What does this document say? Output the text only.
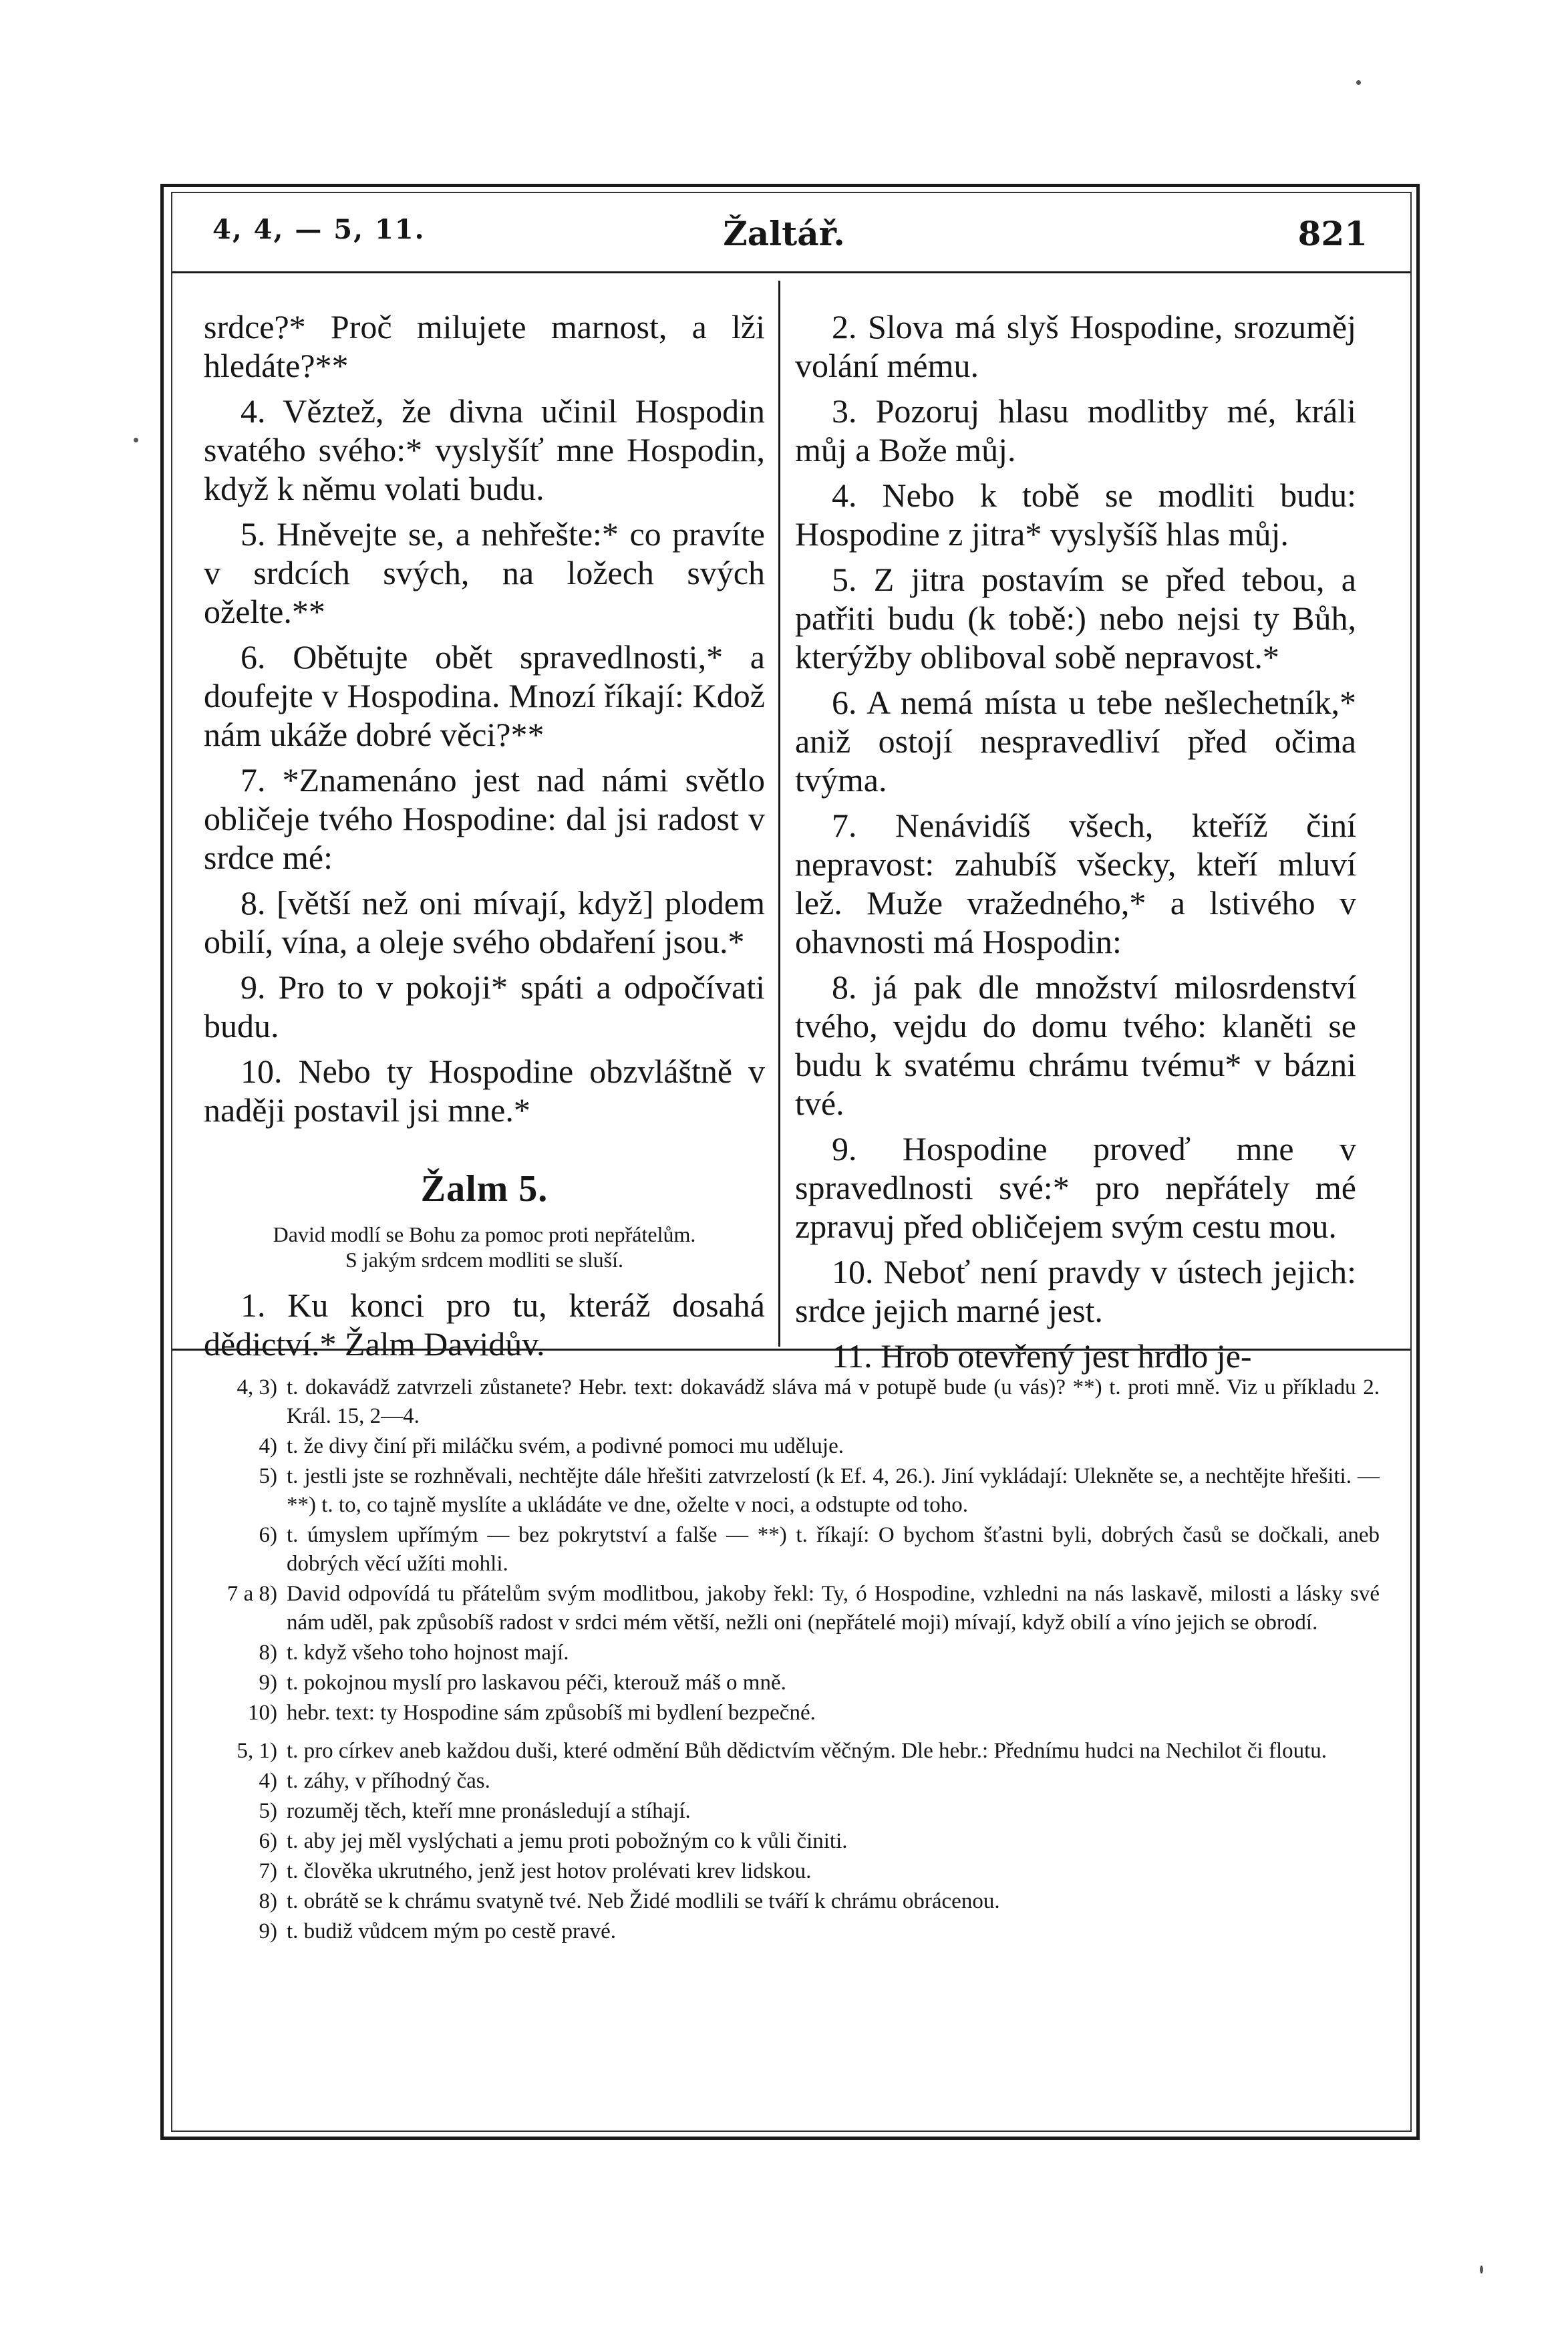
4, 4, — 5, 11.	Žaltář.	821

srdce?* Proč milujete marnost, a lži hledáte?**

4. Věztež, že divna učinil Hospodin svatého svého:* vyslyšíť mne Hospodin, když k němu volati budu.

5. Hněvejte se, a nehřešte:* co pravíte v srdcích svých, na ložech svých oželte.**

6. Obětujte obět spravedlnosti,* a doufejte v Hospodina. Mnozí říkají: Kdož nám ukáže dobré věci?**

7. *Znamenáno jest nad námi světlo obličeje tvého Hospodine: dal jsi radost v srdce mé:

8. [větší než oni mívají, když] plodem obilí, vína, a oleje svého obdaření jsou.*

9. Pro to v pokoji* spáti a odpočívati budu.

10. Nebo ty Hospodine obzvláštně v naději postavil jsi mne.*

Žalm 5.
David modlí se Bohu za pomoc proti nepřátelům.
S jakým srdcem modliti se sluší.

1. Ku konci pro tu, kteráž dosahá dědictví.* Žalm Davidův.

2. Slova má slyš Hospodine, srozuměj volání mému.

3. Pozoruj hlasu modlitby mé, králi můj a Bože můj.

4. Nebo k tobě se modliti budu: Hospodine z jitra* vyslyšíš hlas můj.

5. Z jitra postavím se před tebou, a patřiti budu (k tobě:) nebo nejsi ty Bůh, kterýžby obliboval sobě nepravost.*

6. A nemá místa u tebe nešlechetník,* aniž ostojí nespravedliví před očima tvýma.

7. Nenávidíš všech, kteříž činí nepravost: zahubíš všecky, kteří mluví lež. Muže vražedného,* a lstivého v ohavnosti má Hospodin:

8. já pak dle množství milosrdenství tvého, vejdu do domu tvého: klaněti se budu k svatému chrámu tvému* v bázni tvé.

9. Hospodine proveď mne v spravedlnosti své:* pro nepřátely mé zpravuj před obličejem svým cestu mou.

10. Neboť není pravdy v ústech jejich: srdce jejich marné jest.

11. Hrob otevřený jest hrdlo je-

4, 3) t. dokavádž zatvrzeli zůstanete? Hebr. text: dokavádž sláva má v potupě bude (u vás)? **) t. proti mně. Viz u příkladu 2. Král. 15, 2—4.
4) t. že divy činí při miláčku svém, a podivné pomoci mu uděluje.
5) t. jestli jste se rozhněvali, nechtějte dále hřešiti zatvrzelostí (k Ef. 4, 26.). Jiní vykládají: Ulekněte se, a nechtějte hřešiti. — **) t. to, co tajně myslíte a ukládáte ve dne, oželte v noci, a odstupte od toho.
6) t. úmyslem upřímým — bez pokrytství a falše — **) t. říkají: O bychom šťastni byli, dobrých časů se dočkali, aneb dobrých věcí užíti mohli.
7 a 8) David odpovídá tu přátelům svým modlitbou, jakoby řekl: Ty, ó Hospodine, vzhledni na nás laskavě, milosti a lásky své nám uděl, pak způsobíš radost v srdci mém větší, nežli oni (nepřátelé moji) mívají, když obilí a víno jejich se obrodí.
8) t. když všeho toho hojnost mají.
9) t. pokojnou myslí pro laskavou péči, kterouž máš o mně.
10) hebr. text: ty Hospodine sám způsobíš mi bydlení bezpečné.
5, 1) t. pro církev aneb každou duši, které odmění Bůh dědictvím věčným. Dle hebr.: Přednímu hudci na Nechilot či floutu.
4) t. záhy, v příhodný čas.
5) rozuměj těch, kteří mne pronásledují a stíhají.
6) t. aby jej měl vyslýchati a jemu proti pobožným co k vůli činiti.
7) t. člověka ukrutného, jenž jest hotov prolévati krev lidskou.
8) t. obrátě se k chrámu svatyně tvé. Neb Židé modlili se tváří k chrámu obrácenou.
9) t. budiž vůdcem mým po cestě pravé.
